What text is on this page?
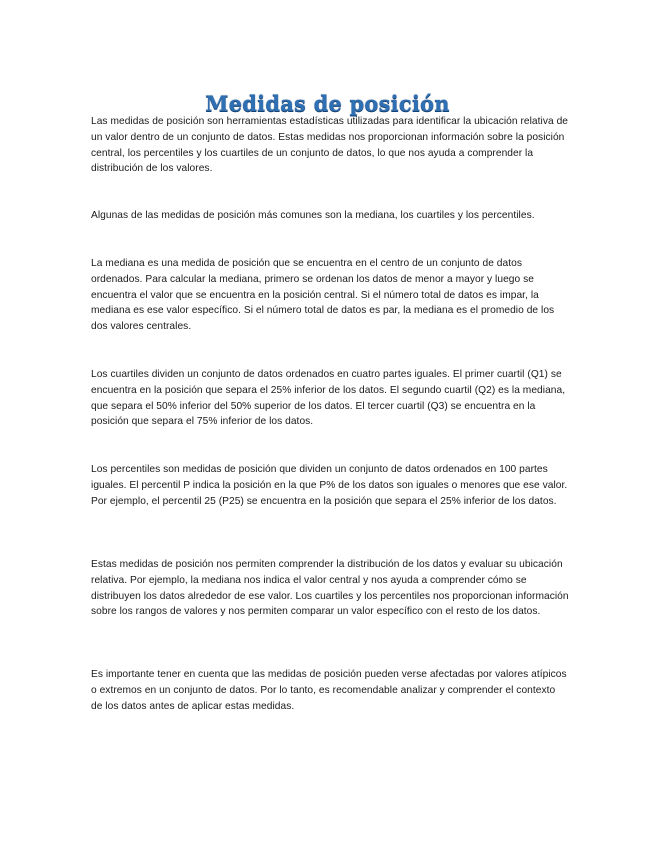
Medidas de posición

Las medidas de posición son herramientas estadísticas utilizadas para identificar la ubicación relativa de un valor dentro de un conjunto de datos. Estas medidas nos proporcionan información sobre la posición central, los percentiles y los cuartiles de un conjunto de datos, lo que nos ayuda a comprender la distribución de los valores.

Algunas de las medidas de posición más comunes son la mediana, los cuartiles y los percentiles.

La mediana es una medida de posición que se encuentra en el centro de un conjunto de datos ordenados. Para calcular la mediana, primero se ordenan los datos de menor a mayor y luego se encuentra el valor que se encuentra en la posición central. Si el número total de datos es impar, la mediana es ese valor específico. Si el número total de datos es par, la mediana es el promedio de los dos valores centrales.

Los cuartiles dividen un conjunto de datos ordenados en cuatro partes iguales. El primer cuartil (Q1) se encuentra en la posición que separa el 25% inferior de los datos. El segundo cuartil (Q2) es la mediana, que separa el 50% inferior del 50% superior de los datos. El tercer cuartil (Q3) se encuentra en la posición que separa el 75% inferior de los datos.

Los percentiles son medidas de posición que dividen un conjunto de datos ordenados en 100 partes iguales. El percentil P indica la posición en la que P% de los datos son iguales o menores que ese valor. Por ejemplo, el percentil 25 (P25) se encuentra en la posición que separa el 25% inferior de los datos.

Estas medidas de posición nos permiten comprender la distribución de los datos y evaluar su ubicación relativa. Por ejemplo, la mediana nos indica el valor central y nos ayuda a comprender cómo se distribuyen los datos alrededor de ese valor. Los cuartiles y los percentiles nos proporcionan información sobre los rangos de valores y nos permiten comparar un valor específico con el resto de los datos.

Es importante tener en cuenta que las medidas de posición pueden verse afectadas por valores atípicos o extremos en un conjunto de datos. Por lo tanto, es recomendable analizar y comprender el contexto de los datos antes de aplicar estas medidas.
